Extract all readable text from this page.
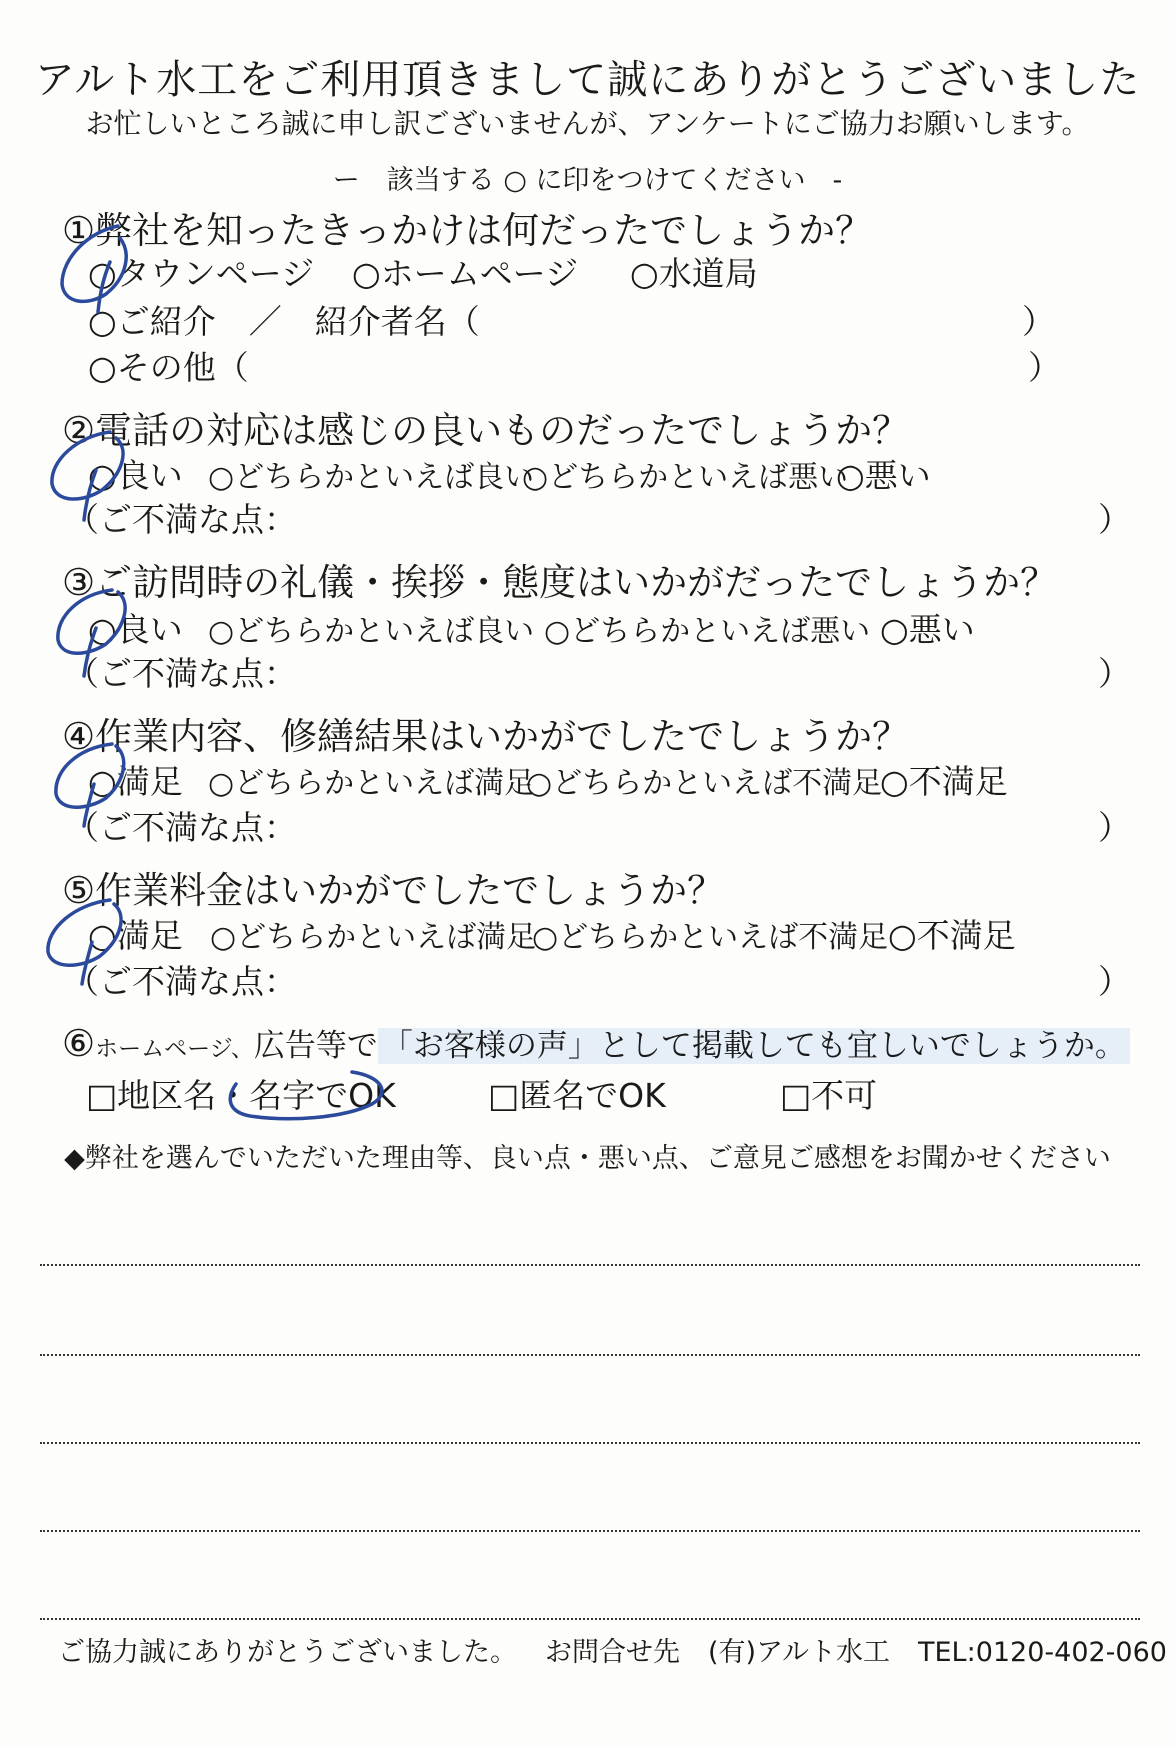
アルト水工をご利用頂きまして誠にありがとうございました
お忙しいところ誠に申し訳ございませんが、アンケートにご協力お願いします。
ー　該当する ○ に印をつけてください　-
①弊社を知ったきっかけは何だったでしょうか？
○タウンページ ○ホームページ ○水道局
○ご紹介　／　紹介者名（	）
○その他（	）
②電話の対応は感じの良いものだったでしょうか？
○良い ○どちらかといえば良い
○どちらかといえば悪い
○悪い
（ご不満な点：	）
③ご訪問時の礼儀・挨拶・態度はいかがだったでしょうか？
○良い ○どちらかといえば良い ○どちらかといえば悪い ○悪い
（ご不満な点：	）
④作業内容、修繕結果はいかがでしたでしょうか？
○満足 ○どちらかといえば満足
○どちらかといえば不満足
○不満足
（ご不満な点：	）
⑤作業料金はいかがでしたでしょうか？
○満足 ○どちらかといえば満足
○どちらかといえば不満足 ○不満足
（ご不満な点：	）
⑥ホームページ、広告等で 「お客様の声」として掲載しても宜しいでしょうか。
□地区名・名字でOK	□匿名でOK	□不可
◆弊社を選んでいただいた理由等、良い点・悪い点、ご意見ご感想をお聞かせください
ご協力誠にありがとうございました。 お問合せ先 (有)アルト水工 TEL:0120-402-060
